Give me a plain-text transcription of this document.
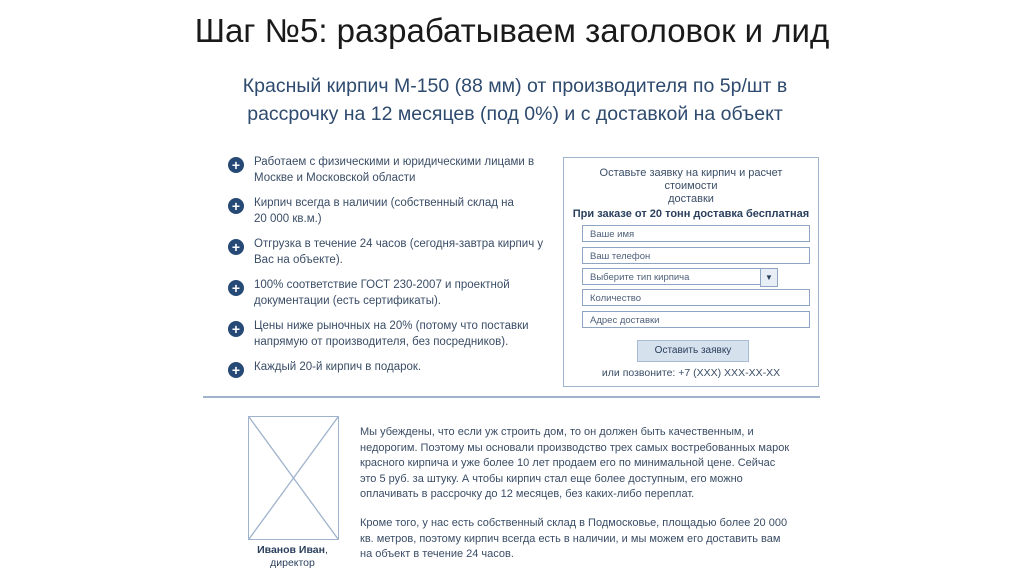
Шаг №5: разрабатываем заголовок и лид
Красный кирпич М-150 (88 мм) от производителя по 5р/шт в
рассрочку на 12 месяцев (под 0%) и с доставкой на объект
+	Работаем с физическими и юридическими лицами в
Москве и Московской области
+	Кирпич всегда в наличии (собственный склад на
20 000 кв.м.)
+	Отгрузка в течение 24 часов (сегодня-завтра кирпич у
Вас на объекте).
+	100% соответствие ГОСТ 230-2007 и проектной
документации (есть сертификаты).
+	Цены ниже рыночных на 20% (потому что поставки
напрямую от производителя, без посредников).
+	Каждый 20-й кирпич в подарок.
Оставьте заявку на кирпич и расчет стоимости
доставки
При заказе от 20 тонн доставка бесплатная
Ваше имя
Ваш телефон
Выберите тип кирпича	▼
Количество
Адрес доставки
Оставить заявку
или позвоните: +7 (XXX) XXX-XX-XX
Иванов Иван,
директор

Мы убеждены, что если уж строить дом, то он должен быть качественным, и
недорогим. Поэтому мы основали производство трех самых востребованных марок
красного кирпича и уже более 10 лет продаем его по минимальной цене. Сейчас
это 5 руб. за штуку. А чтобы кирпич стал еще более доступным, его можно
оплачивать в рассрочку до 12 месяцев, без каких-либо переплат.

Кроме того, у нас есть собственный склад в Подмосковье, площадью более 20 000
кв. метров, поэтому кирпич всегда есть в наличии, и мы можем его доставить вам
на объект в течение 24 часов.
